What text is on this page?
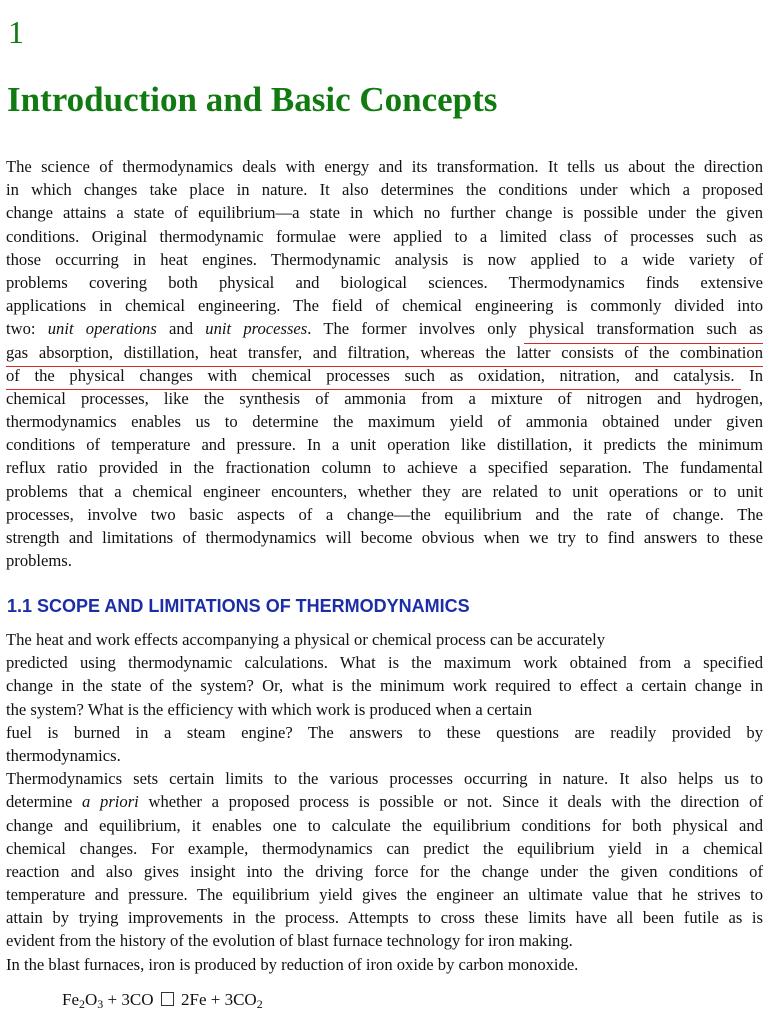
1
Introduction and Basic Concepts
The science of thermodynamics deals with energy and its transformation. It tells us about the direction
in which changes take place in nature. It also determines the conditions under which a proposed
change attains a state of equilibrium—a state in which no further change is possible under the given
conditions. Original thermodynamic formulae were applied to a limited class of processes such as
those occurring in heat engines. Thermodynamic analysis is now applied to a wide variety of
problems covering both physical and biological sciences. Thermodynamics finds extensive
applications in chemical engineering. The field of chemical engineering is commonly divided into
two: unit operations and unit processes. The former involves only physical transformation such as
gas absorption, distillation, heat transfer, and filtration, whereas the latter consists of the combination
of the physical changes with chemical processes such as oxidation, nitration, and catalysis. In
chemical processes, like the synthesis of ammonia from a mixture of nitrogen and hydrogen,
thermodynamics enables us to determine the maximum yield of ammonia obtained under given
conditions of temperature and pressure. In a unit operation like distillation, it predicts the minimum
reflux ratio provided in the fractionation column to achieve a specified separation. The fundamental
problems that a chemical engineer encounters, whether they are related to unit operations or to unit
processes, involve two basic aspects of a change—the equilibrium and the rate of change. The
strength and limitations of thermodynamics will become obvious when we try to find answers to these
problems.
1.1 SCOPE AND LIMITATIONS OF THERMODYNAMICS
The heat and work effects accompanying a physical or chemical process can be accurately
predicted using thermodynamic calculations. What is the maximum work obtained from a specified
change in the state of the system? Or, what is the minimum work required to effect a certain change in
the system? What is the efficiency with which work is produced when a certain
fuel is burned in a steam engine? The answers to these questions are readily provided by
thermodynamics.
Thermodynamics sets certain limits to the various processes occurring in nature. It also helps us to
determine a priori whether a proposed process is possible or not. Since it deals with the direction of
change and equilibrium, it enables one to calculate the equilibrium conditions for both physical and
chemical changes. For example, thermodynamics can predict the equilibrium yield in a chemical
reaction and also gives insight into the driving force for the change under the given conditions of
temperature and pressure. The equilibrium yield gives the engineer an ultimate value that he strives to
attain by trying improvements in the process. Attempts to cross these limits have all been futile as is
evident from the history of the evolution of blast furnace technology for iron making.
In the blast furnaces, iron is produced by reduction of iron oxide by carbon monoxide.
$Fe_2O_3 + 3CO$  $2Fe + 3CO_2$
